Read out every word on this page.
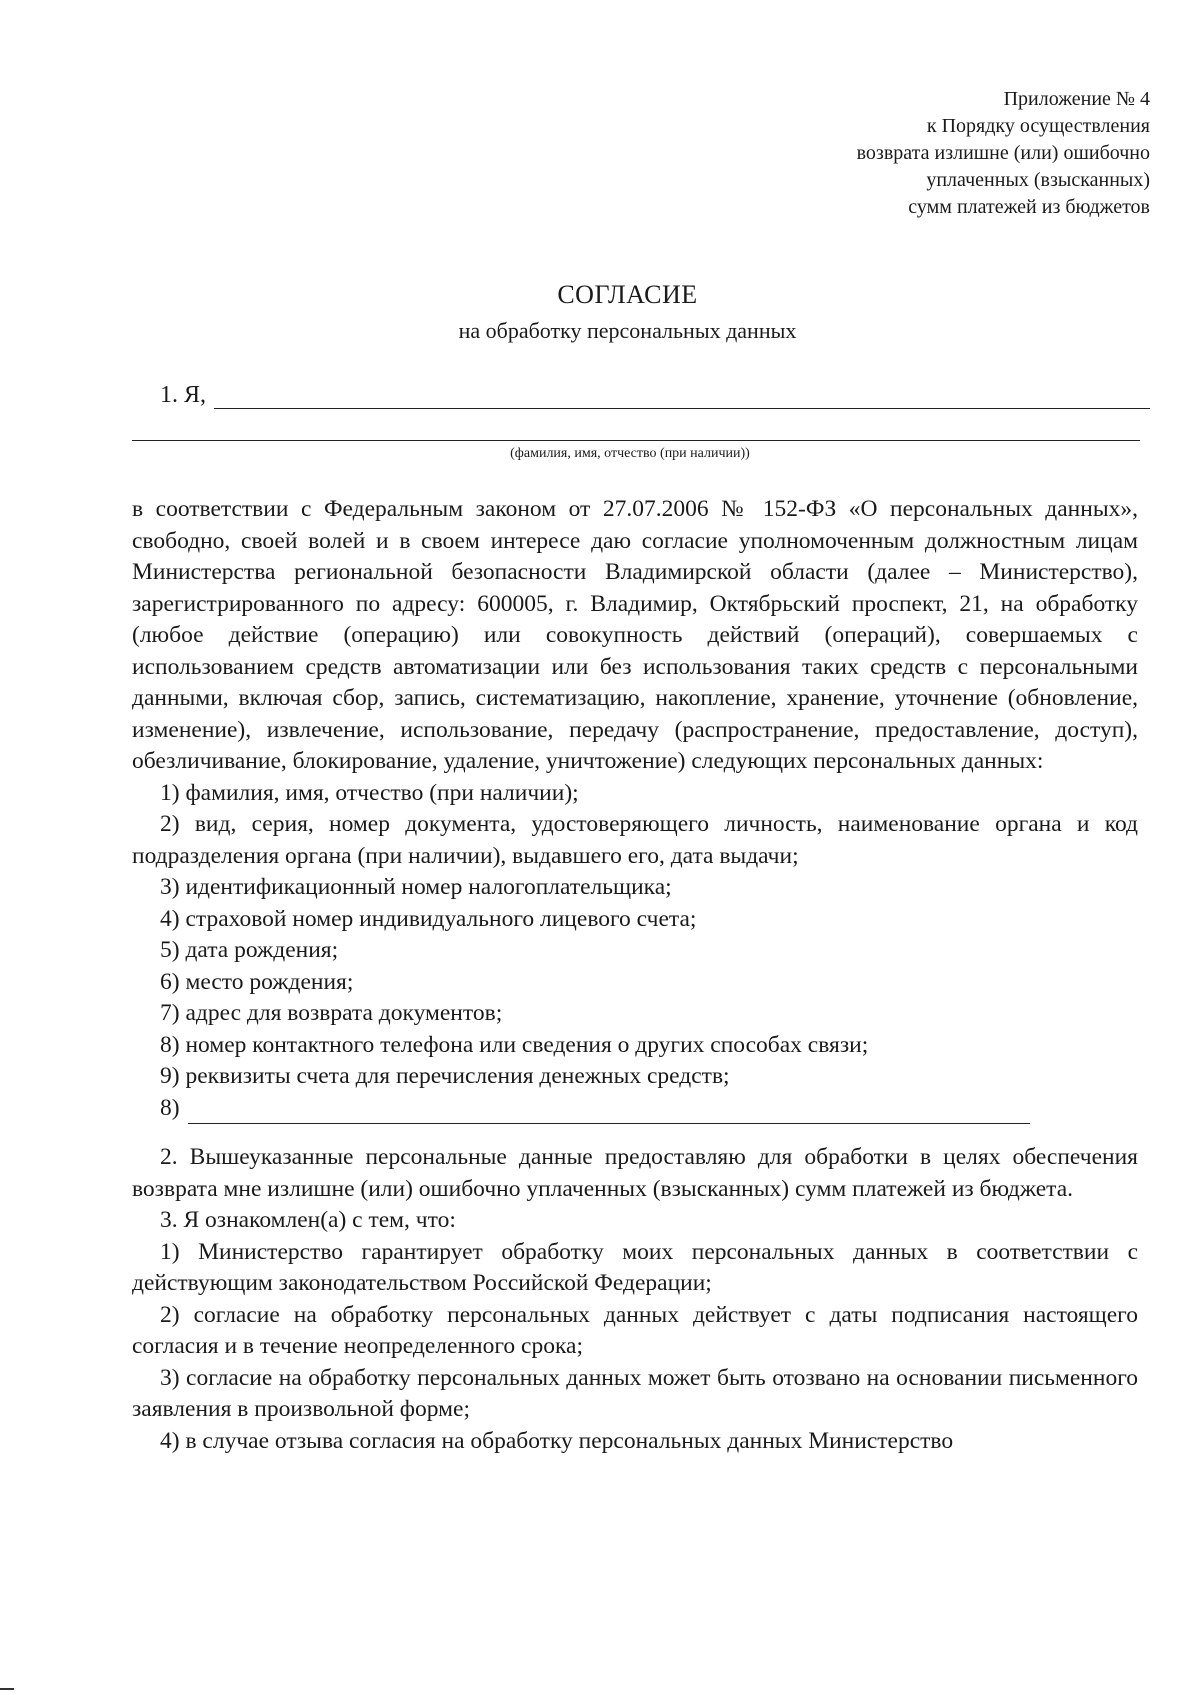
Приложение № 4
к Порядку осуществления
возврата излишне (или) ошибочно
уплаченных (взысканных)
сумм платежей из бюджетов
СОГЛАСИЕ
на обработку персональных данных
1. Я,
(фамилия, имя, отчество (при наличии))

в соответствии с Федеральным законом от 27.07.2006 № 152-ФЗ «О персональных данных», свободно, своей волей и в своем интересе даю согласие уполномоченным должностным лицам Министерства региональной безопасности Владимирской области (далее – Министерство), зарегистрированного по адресу: 600005, г. Владимир, Октябрьский проспект, 21, на обработку (любое действие (операцию) или совокупность действий (операций), совершаемых с использованием средств автоматизации или без использования таких средств с персональными данными, включая сбор, запись, систематизацию, накопление, хранение, уточнение (обновление, изменение), извлечение, использование, передачу (распространение, предоставление, доступ), обезличивание, блокирование, удаление, уничтожение) следующих персональных данных:

1) фамилия, имя, отчество (при наличии);

2) вид, серия, номер документа, удостоверяющего личность, наименование органа и код подразделения органа (при наличии), выдавшего его, дата выдачи;

3) идентификационный номер налогоплательщика;

4) страховой номер индивидуального лицевого счета;

5) дата рождения;

6) место рождения;

7) адрес для возврата документов;

8) номер контактного телефона или сведения о других способах связи;

9) реквизиты счета для перечисления денежных средств;

8)

2. Вышеуказанные персональные данные предоставляю для обработки в целях обеспечения возврата мне излишне (или) ошибочно уплаченных (взысканных) сумм платежей из бюджета.

3. Я ознакомлен(а) с тем, что:

1) Министерство гарантирует обработку моих персональных данных в соответствии с действующим законодательством Российской Федерации;

2) согласие на обработку персональных данных действует с даты подписания настоящего согласия и в течение неопределенного срока;

3) согласие на обработку персональных данных может быть отозвано на основании письменного заявления в произвольной форме;

4) в случае отзыва согласия на обработку персональных данных Министерство
